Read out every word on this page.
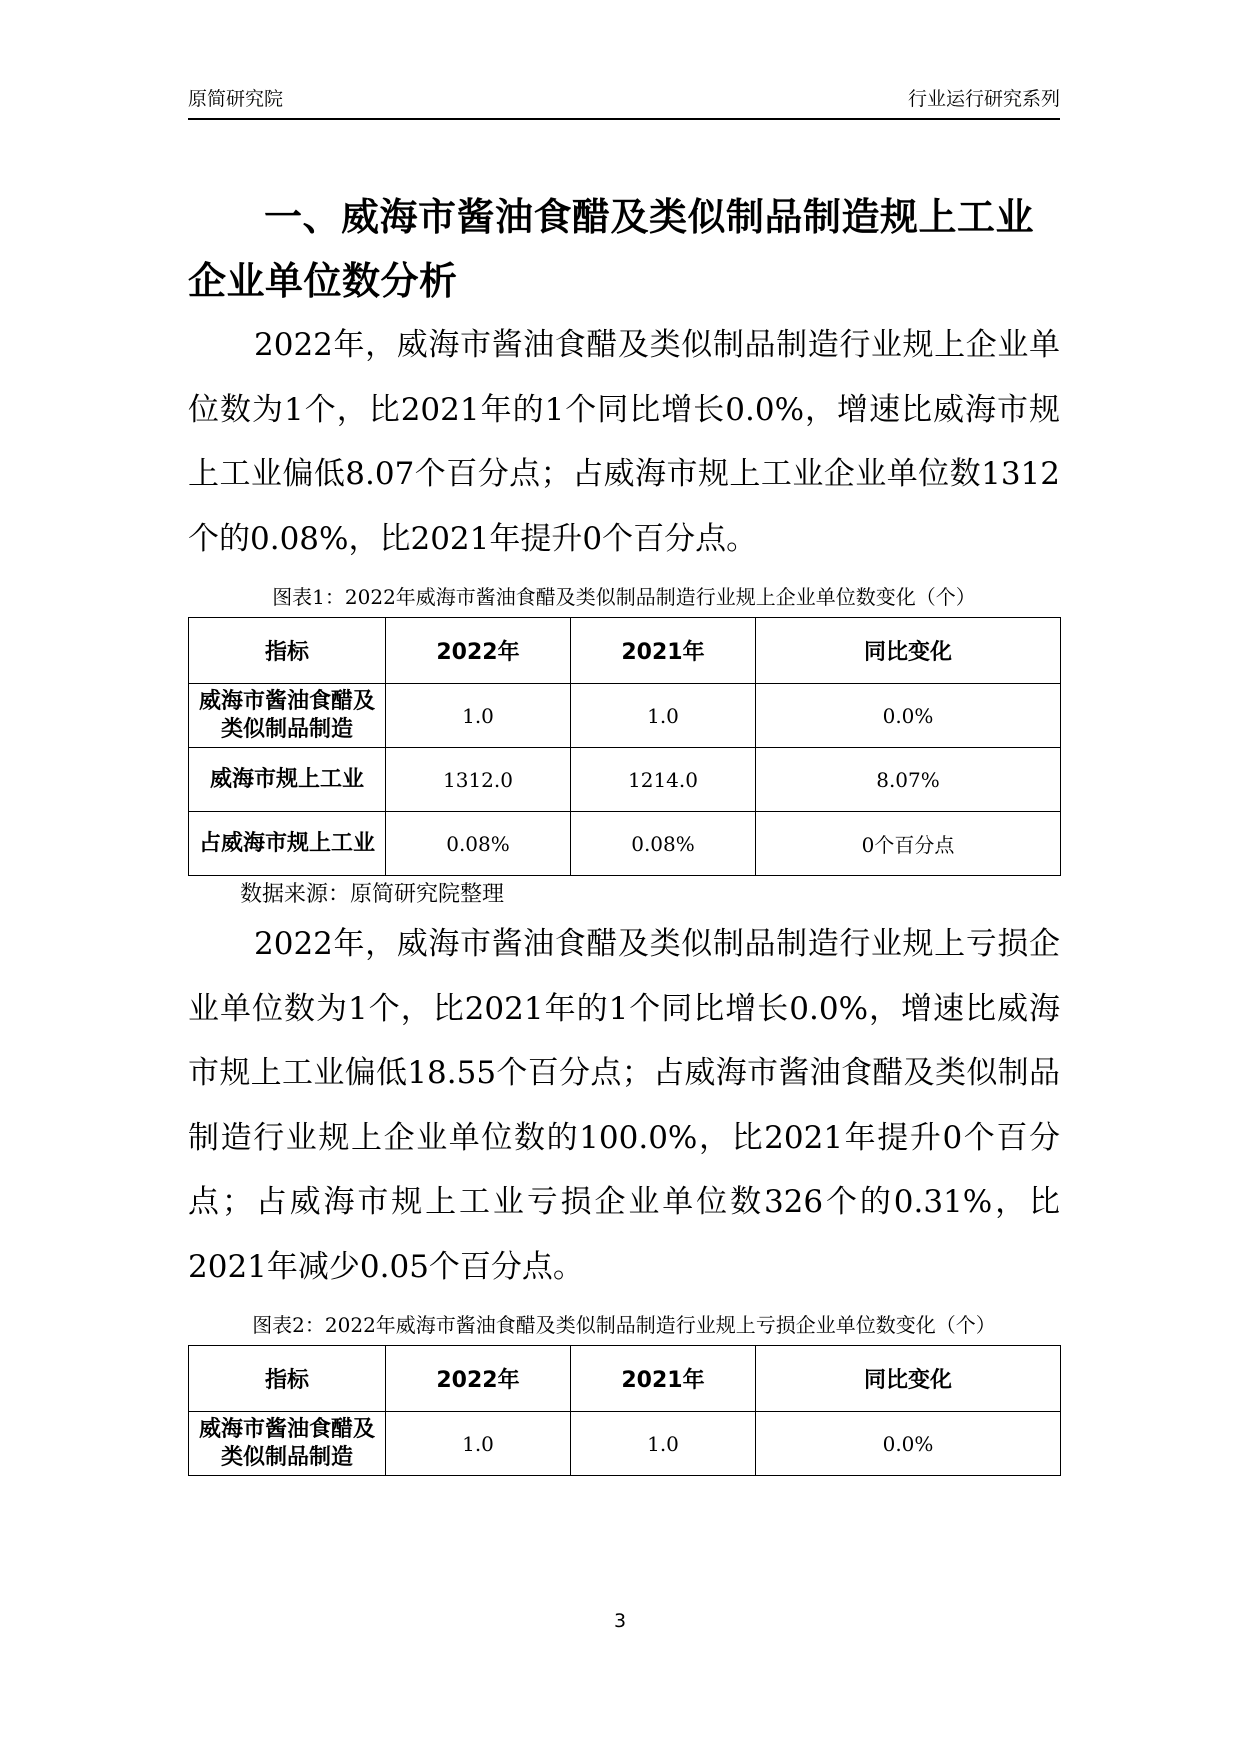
原简研究院	行业运行研究系列
一、威海市酱油食醋及类似制品制造规上工业企业单位数分析

2022年，威海市酱油食醋及类似制品制造行业规上企业单位数为1个，比2021年的1个同比增长0.0%，增速比威海市规上工业偏低8.07个百分点；占威海市规上工业企业单位数1312个的0.08%，比2021年提升0个百分点。

图表1：2022年威海市酱油食醋及类似制品制造行业规上企业单位数变化（个）
指标	2022年	2021年	同比变化
威海市酱油食醋及类似制品制造	1.0	1.0	0.0%
威海市规上工业	1312.0	1214.0	8.07%
占威海市规上工业	0.08%	0.08%	0个百分点
数据来源：原简研究院整理

2022年，威海市酱油食醋及类似制品制造行业规上亏损企业单位数为1个，比2021年的1个同比增长0.0%，增速比威海市规上工业偏低18.55个百分点；占威海市酱油食醋及类似制品制造行业规上企业单位数的100.0%，比2021年提升0个百分点；占威海市规上工业亏损企业单位数326个的0.31%，比2021年减少0.05个百分点。

图表2：2022年威海市酱油食醋及类似制品制造行业规上亏损企业单位数变化（个）
指标	2022年	2021年	同比变化
威海市酱油食醋及类似制品制造	1.0	1.0	0.0%
3
